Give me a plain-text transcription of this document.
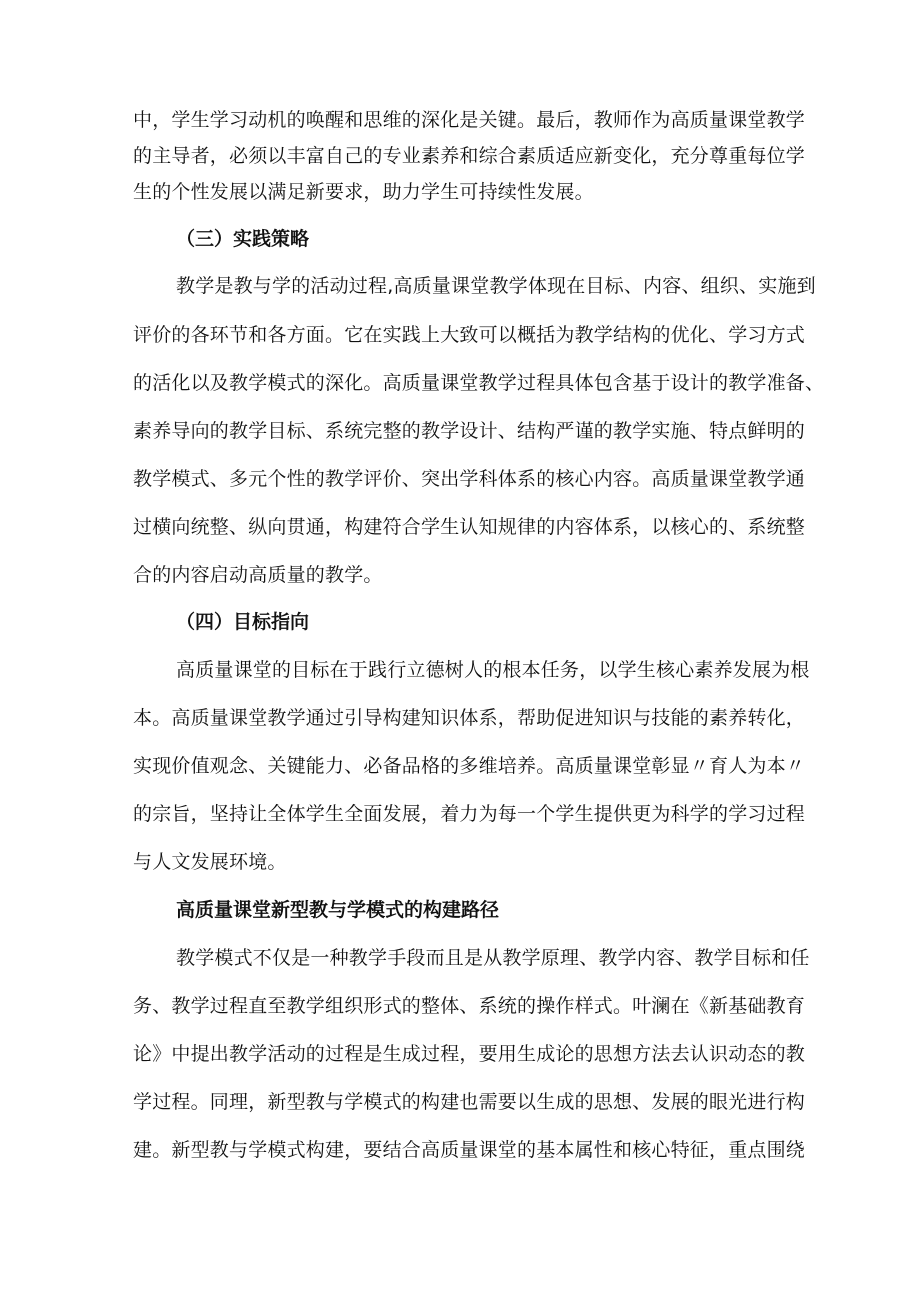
中，学生学习动机的唤醒和思维的深化是关键。最后，教师作为高质量课堂教学
的主导者，必须以丰富自己的专业素养和综合素质适应新变化，充分尊重每位学
生的个性发展以满足新要求，助力学生可持续性发展。
（三）实践策略
教学是教与学的活动过程,高质量课堂教学体现在目标、内容、组织、实施到
评价的各环节和各方面。它在实践上大致可以概括为教学结构的优化、学习方式
的活化以及教学模式的深化。高质量课堂教学过程具体包含基于设计的教学准备、
素养导向的教学目标、系统完整的教学设计、结构严谨的教学实施、特点鲜明的
教学模式、多元个性的教学评价、突出学科体系的核心内容。高质量课堂教学通
过横向统整、纵向贯通，构建符合学生认知规律的内容体系，以核心的、系统整
合的内容启动高质量的教学。
（四）目标指向
高质量课堂的目标在于践行立德树人的根本任务，以学生核心素养发展为根
本。高质量课堂教学通过引导构建知识体系，帮助促进知识与技能的素养转化，
实现价值观念、关键能力、必备品格的多维培养。高质量课堂彰显〃育人为本〃
的宗旨，坚持让全体学生全面发展，着力为每一个学生提供更为科学的学习过程
与人文发展环境。
高质量课堂新型教与学模式的构建路径
教学模式不仅是一种教学手段而且是从教学原理、教学内容、教学目标和任
务、教学过程直至教学组织形式的整体、系统的操作样式。叶澜在《新基础教育
论》中提出教学活动的过程是生成过程，要用生成论的思想方法去认识动态的教
学过程。同理，新型教与学模式的构建也需要以生成的思想、发展的眼光进行构
建。新型教与学模式构建，要结合高质量课堂的基本属性和核心特征，重点围绕
